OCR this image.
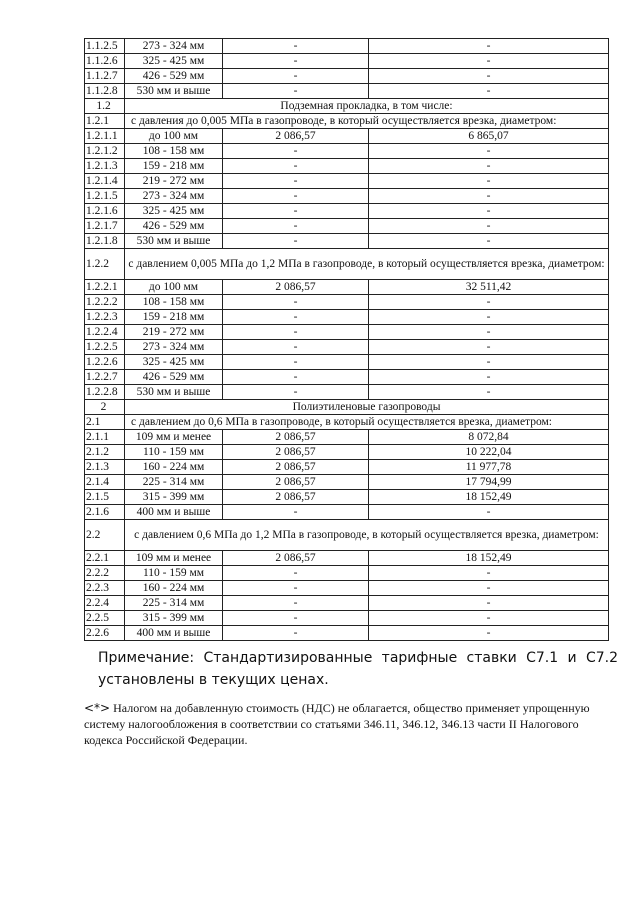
1.1.2.5	273 - 324 мм	-	-
1.1.2.6	325 - 425 мм	-	-
1.1.2.7	426 - 529 мм	-	-
1.1.2.8	530 мм и выше	-	-
1.2	Подземная прокладка, в том числе:		
1.2.1	с давления до 0,005 МПа в газопроводе, в который осуществляется врезка, диаметром:		
1.2.1.1	до 100 мм	2 086,57	6 865,07
1.2.1.2	108 - 158 мм	-	-
1.2.1.3	159 - 218 мм	-	-
1.2.1.4	219 - 272 мм	-	-
1.2.1.5	273 - 324 мм	-	-
1.2.1.6	325 - 425 мм	-	-
1.2.1.7	426 - 529 мм	-	-
1.2.1.8	530 мм и выше	-	-
1.2.2	с давлением 0,005 МПа до 1,2 МПа в газопроводе, в который осуществляется врезка, диаметром:		
1.2.2.1	до 100 мм	2 086,57	32 511,42
1.2.2.2	108 - 158 мм	-	-
1.2.2.3	159 - 218 мм	-	-
1.2.2.4	219 - 272 мм	-	-
1.2.2.5	273 - 324 мм	-	-
1.2.2.6	325 - 425 мм	-	-
1.2.2.7	426 - 529 мм	-	-
1.2.2.8	530 мм и выше	-	-
2	Полиэтиленовые газопроводы		
2.1	с давлением до 0,6 МПа в газопроводе, в который осуществляется врезка, диаметром:		
2.1.1	109 мм и менее	2 086,57	8 072,84
2.1.2	110 - 159 мм	2 086,57	10 222,04
2.1.3	160 - 224 мм	2 086,57	11 977,78
2.1.4	225 - 314 мм	2 086,57	17 794,99
2.1.5	315 - 399 мм	2 086,57	18 152,49
2.1.6	400 мм и выше	-	-
2.2	с давлением 0,6 МПа до 1,2 МПа в газопроводе, в который осуществляется врезка, диаметром:		
2.2.1	109 мм и менее	2 086,57	18 152,49
2.2.2	110 - 159 мм	-	-
2.2.3	160 - 224 мм	-	-
2.2.4	225 - 314 мм	-	-
2.2.5	315 - 399 мм	-	-
2.2.6	400 мм и выше	-	-
Примечание: Стандартизированные тарифные ставки C7.1 и C7.2 установлены в текущих ценах.
<*> Налогом на добавленную стоимость (НДС) не облагается, общество применяет упрощенную систему налогообложения в соответствии со статьями 346.11, 346.12, 346.13 части II Налогового кодекса Российской Федерации.
